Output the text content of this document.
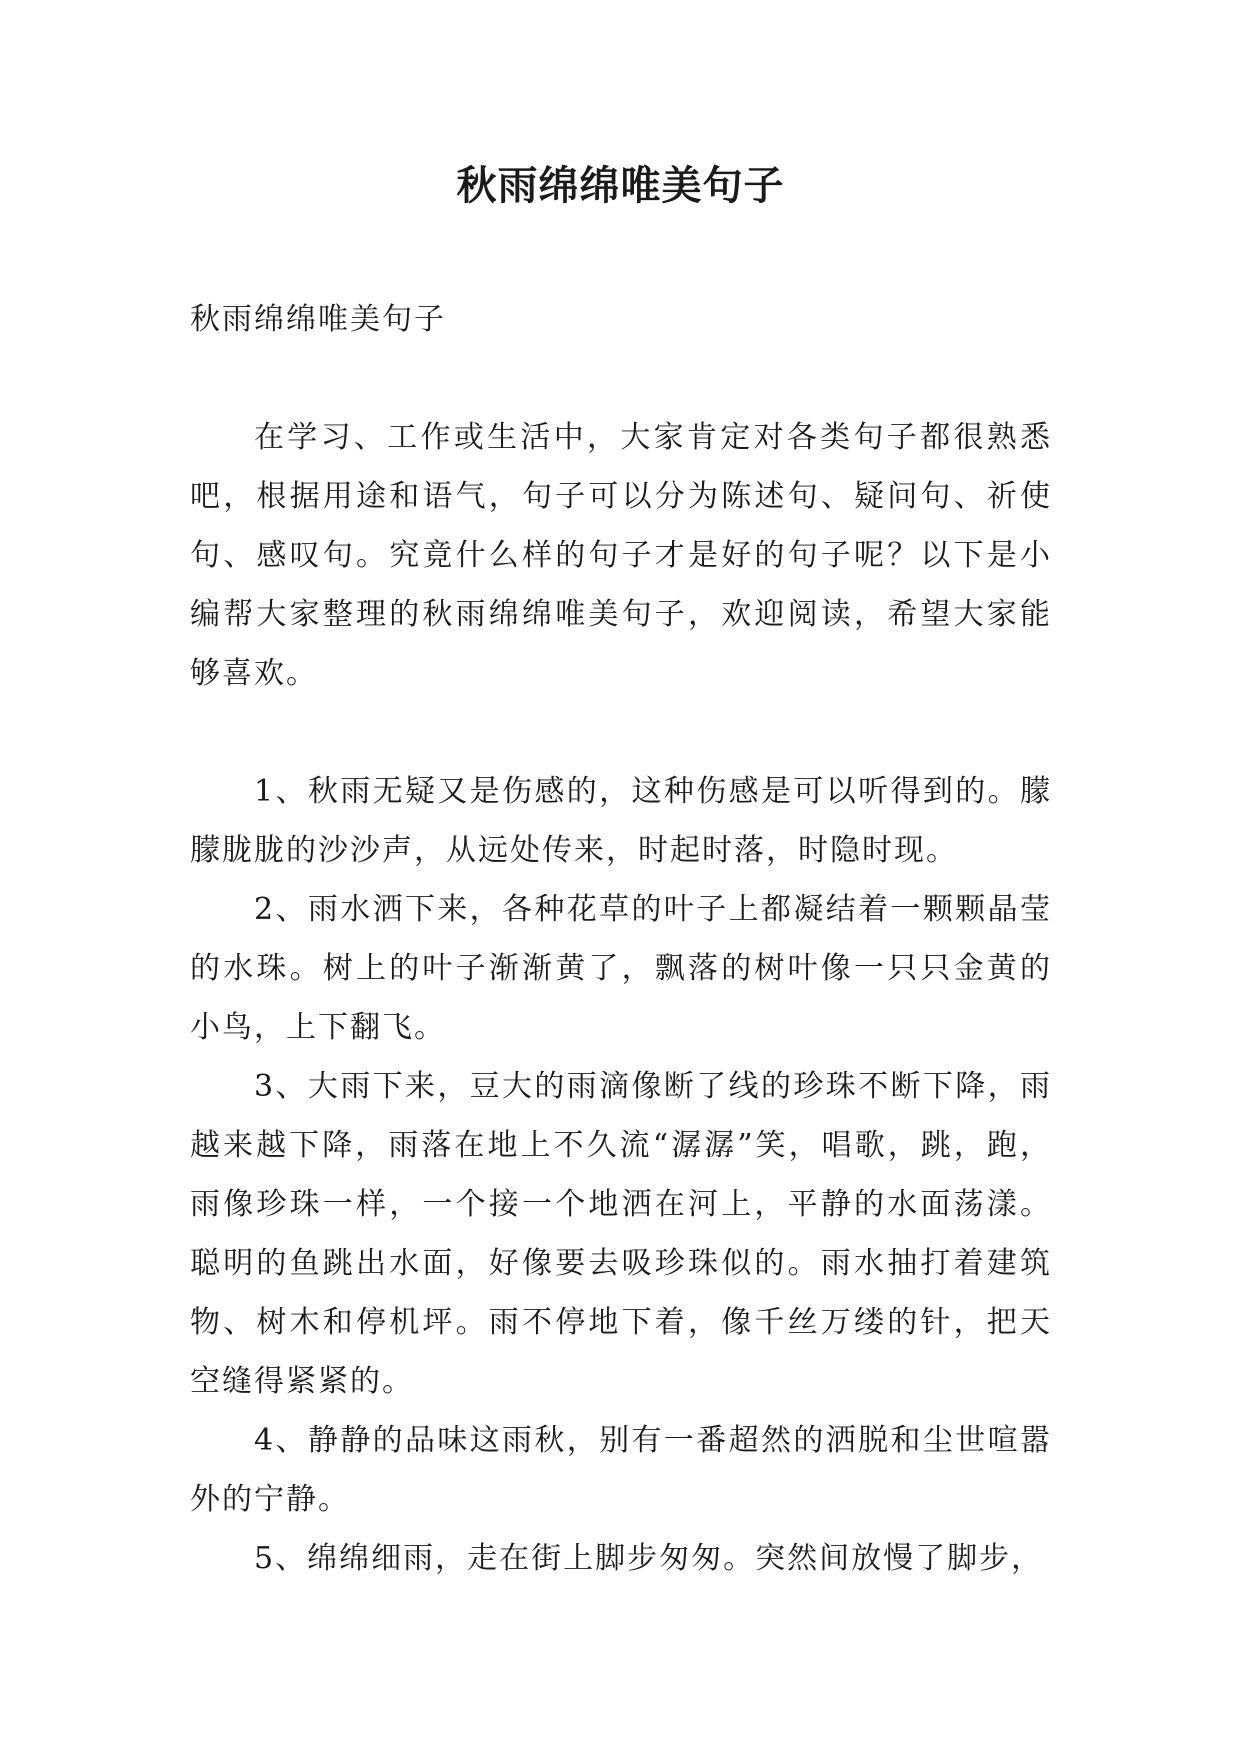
秋雨绵绵唯美句子

秋雨绵绵唯美句子

在学习、工作或生活中，大家肯定对各类句子都很熟悉吧，根据用途和语气，句子可以分为陈述句、疑问句、祈使句、感叹句。究竟什么样的句子才是好的句子呢？以下是小编帮大家整理的秋雨绵绵唯美句子，欢迎阅读，希望大家能够喜欢。

1、秋雨无疑又是伤感的，这种伤感是可以听得到的。朦朦胧胧的沙沙声，从远处传来，时起时落，时隐时现。

2、雨水洒下来，各种花草的叶子上都凝结着一颗颗晶莹的水珠。树上的叶子渐渐黄了，飘落的树叶像一只只金黄的小鸟，上下翻飞。

3、大雨下来，豆大的雨滴像断了线的珍珠不断下降，雨越来越下降，雨落在地上不久流“潺潺”笑，唱歌，跳，跑，雨像珍珠一样，一个接一个地洒在河上，平静的水面荡漾。聪明的鱼跳出水面，好像要去吸珍珠似的。雨水抽打着建筑物、树木和停机坪。雨不停地下着，像千丝万缕的针，把天空缝得紧紧的。

4、静静的品味这雨秋，别有一番超然的洒脱和尘世喧嚣外的宁静。

5、绵绵细雨，走在街上脚步匆匆。突然间放慢了脚步，
